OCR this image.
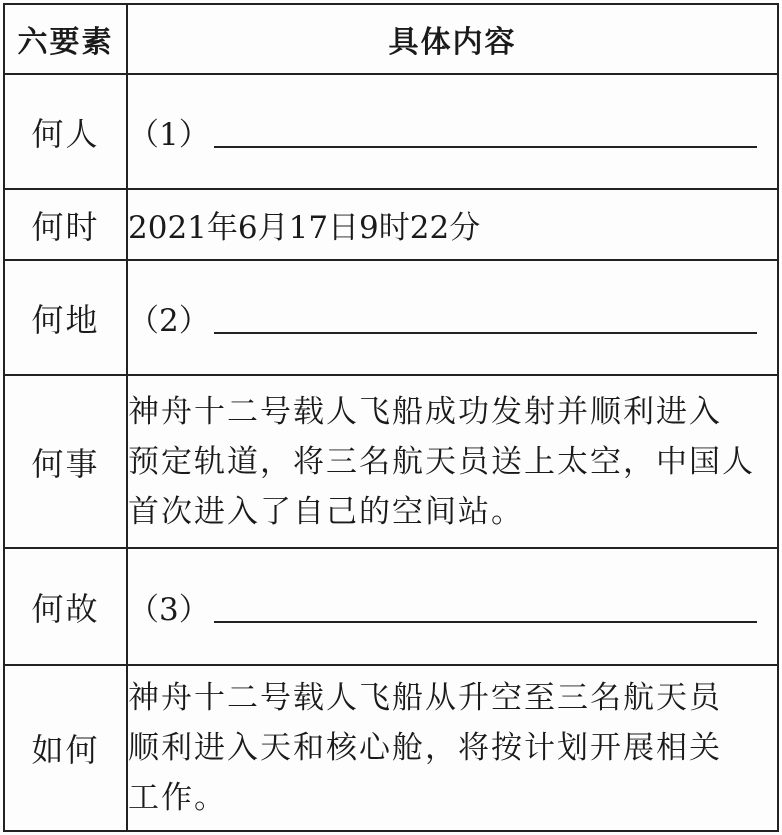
六要素	具体内容
何人	（1）

何时	2021年6月17日9时22分
何地	（2）

何事	神舟十二号载人飞船成功发射并顺利进入
预定轨道，将三名航天员送上太空，中国人
首次进入了自己的空间站。

何故	（3）

如何	神舟十二号载人飞船从升空至三名航天员
顺利进入天和核心舱，将按计划开展相关
工作。
